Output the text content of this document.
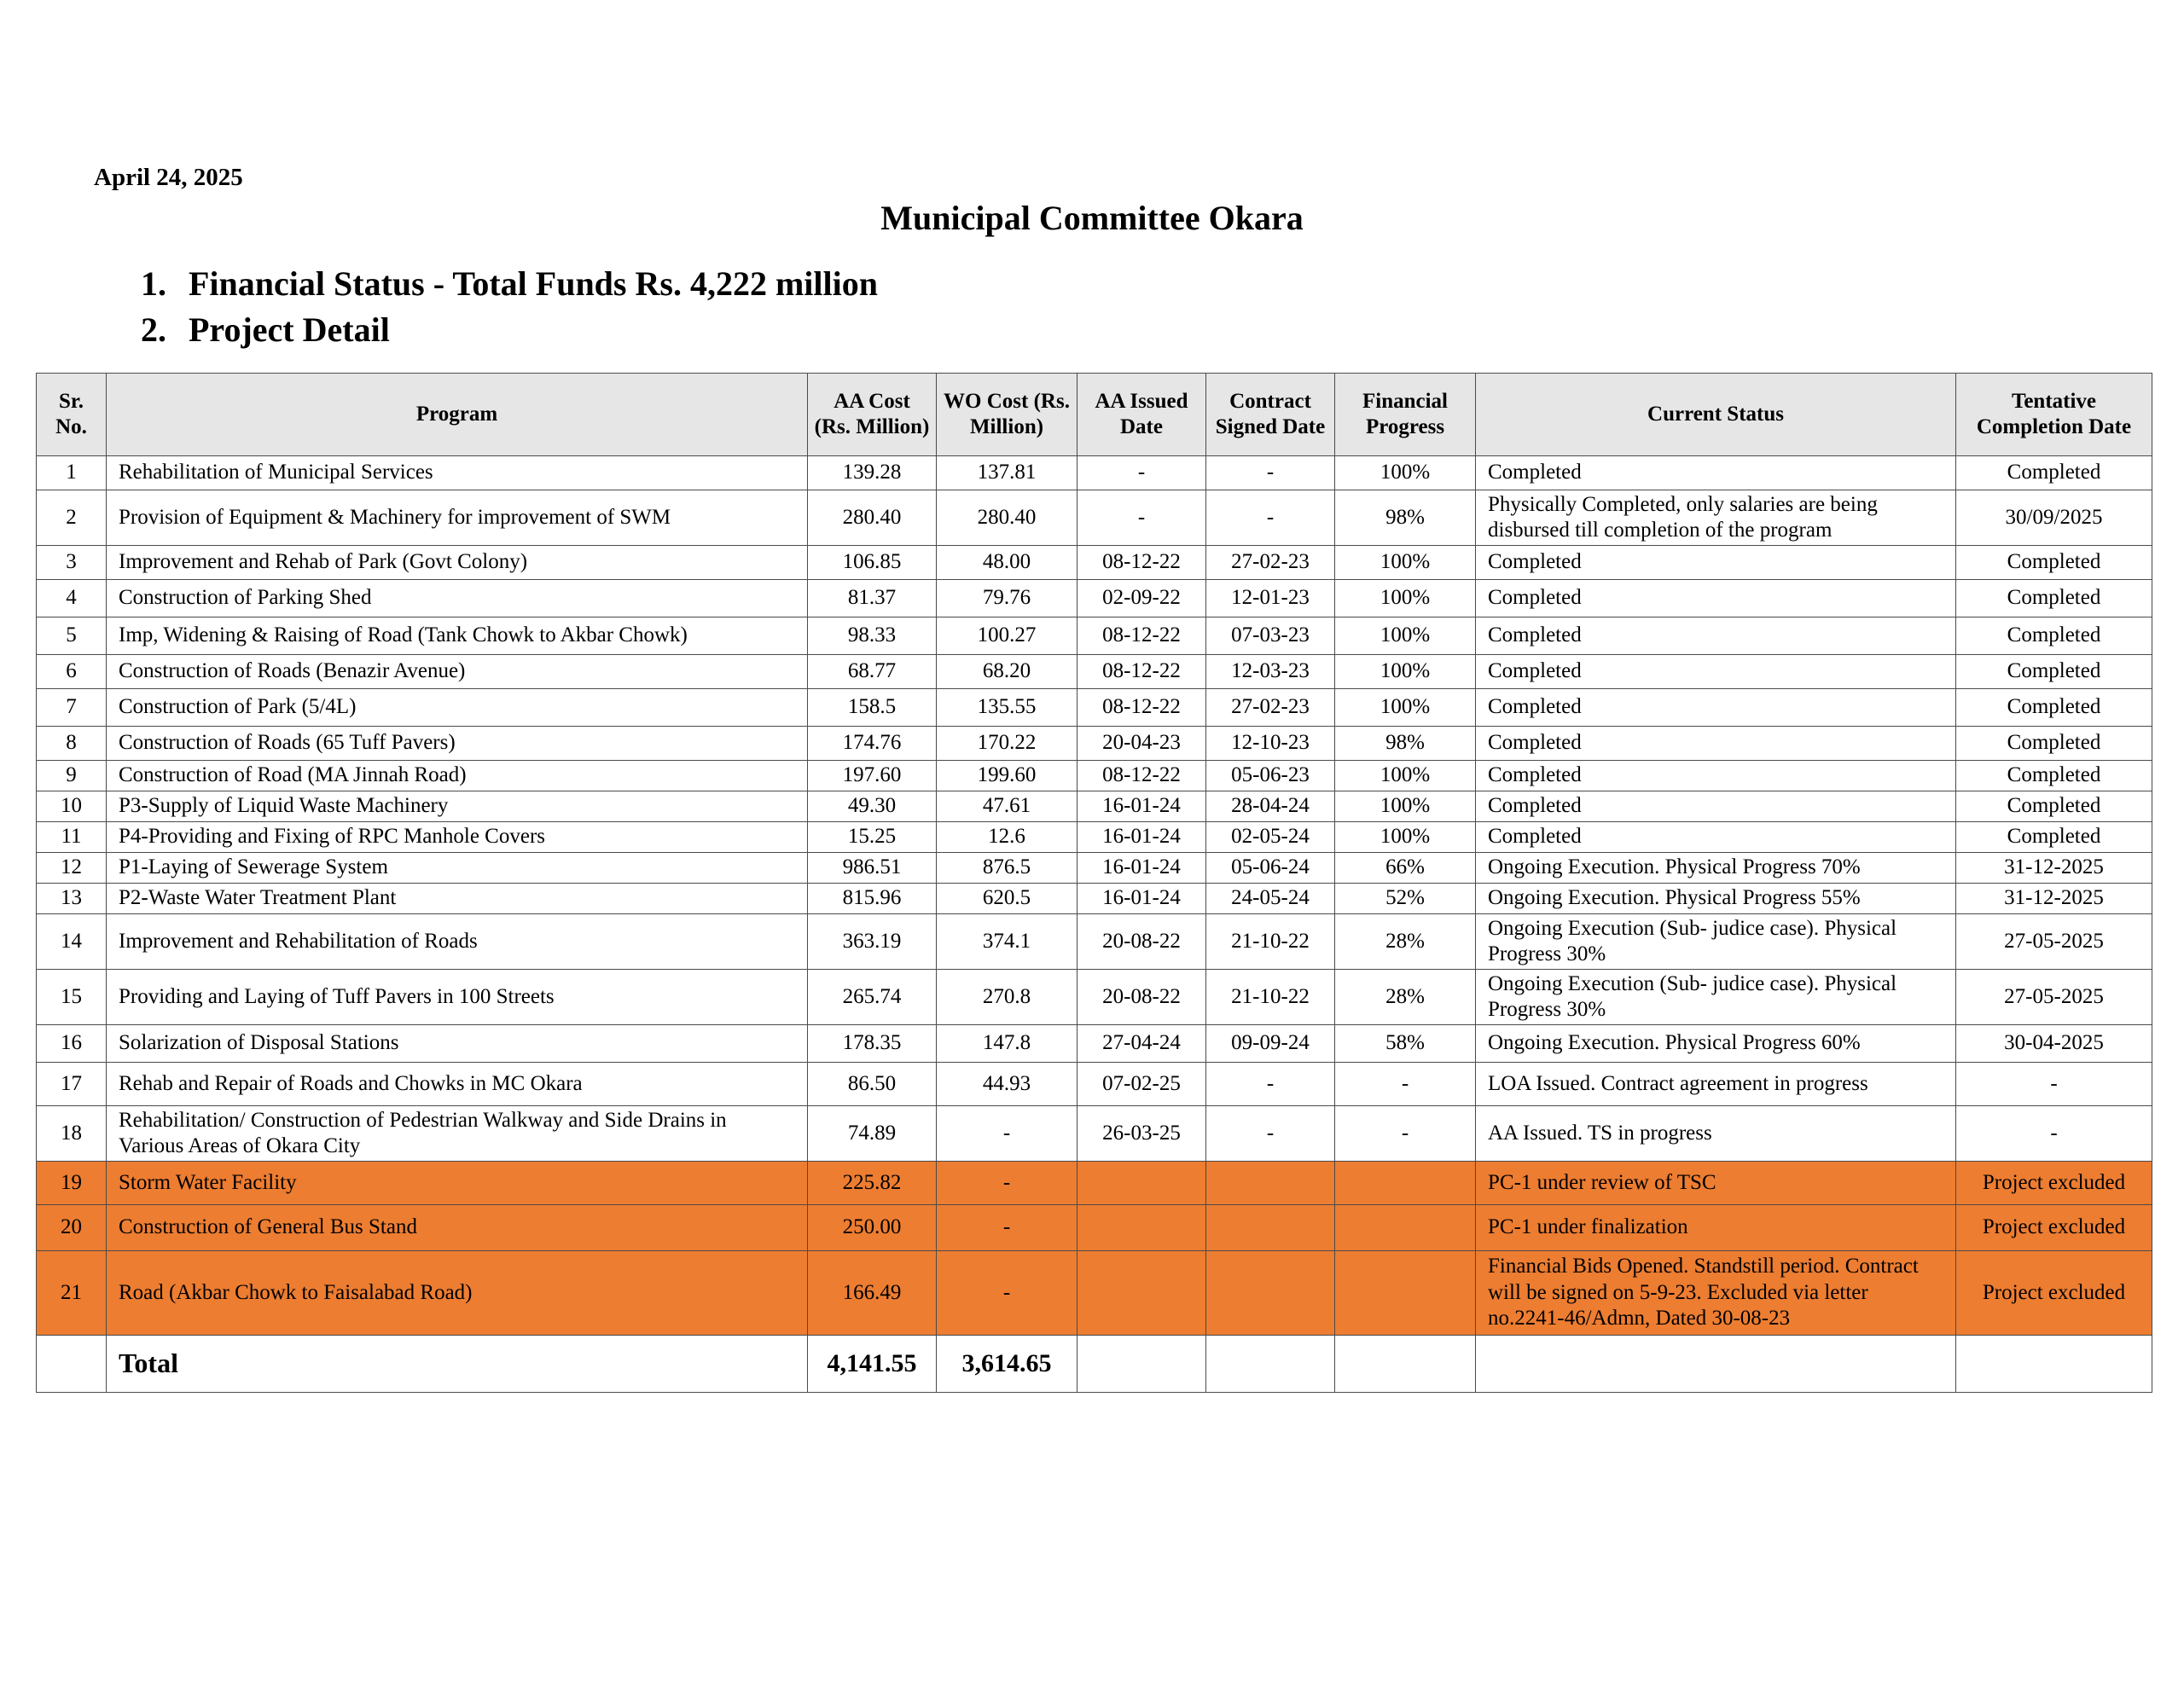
April 24, 2025
Municipal Committee Okara
1. Financial Status - Total Funds Rs. 4,222 million
2. Project Detail
Sr. No.	Program	AA Cost (Rs. Million)	WO Cost (Rs. Million)	AA Issued Date	Contract Signed Date	Financial Progress	Current Status	Tentative Completion Date
1	Rehabilitation of Municipal Services	139.28	137.81	-	-	100%	Completed	Completed
2	Provision of Equipment & Machinery for improvement of SWM	280.40	280.40	-	-	98%	Physically Completed, only salaries are being disbursed till completion of the program	30/09/2025
3	Improvement and Rehab of Park (Govt Colony)	106.85	48.00	08-12-22	27-02-23	100%	Completed	Completed
4	Construction of Parking Shed	81.37	79.76	02-09-22	12-01-23	100%	Completed	Completed
5	Imp, Widening & Raising of Road (Tank Chowk to Akbar Chowk)	98.33	100.27	08-12-22	07-03-23	100%	Completed	Completed
6	Construction of Roads (Benazir Avenue)	68.77	68.20	08-12-22	12-03-23	100%	Completed	Completed
7	Construction of Park (5/4L)	158.5	135.55	08-12-22	27-02-23	100%	Completed	Completed
8	Construction of Roads (65 Tuff Pavers)	174.76	170.22	20-04-23	12-10-23	98%	Completed	Completed
9	Construction of Road (MA Jinnah Road)	197.60	199.60	08-12-22	05-06-23	100%	Completed	Completed
10	P3-Supply of Liquid Waste Machinery	49.30	47.61	16-01-24	28-04-24	100%	Completed	Completed
11	P4-Providing and Fixing of RPC Manhole Covers	15.25	12.6	16-01-24	02-05-24	100%	Completed	Completed
12	P1-Laying of Sewerage System	986.51	876.5	16-01-24	05-06-24	66%	Ongoing Execution. Physical Progress 70%	31-12-2025
13	P2-Waste Water Treatment Plant	815.96	620.5	16-01-24	24-05-24	52%	Ongoing Execution. Physical Progress 55%	31-12-2025
14	Improvement and Rehabilitation of Roads	363.19	374.1	20-08-22	21-10-22	28%	Ongoing Execution (Sub- judice case). Physical Progress 30%	27-05-2025
15	Providing and Laying of Tuff Pavers in 100 Streets	265.74	270.8	20-08-22	21-10-22	28%	Ongoing Execution (Sub- judice case). Physical Progress 30%	27-05-2025
16	Solarization of Disposal Stations	178.35	147.8	27-04-24	09-09-24	58%	Ongoing Execution. Physical Progress 60%	30-04-2025
17	Rehab and Repair of Roads and Chowks in MC Okara	86.50	44.93	07-02-25	-	-	LOA Issued. Contract agreement in progress	-
18	Rehabilitation/ Construction of Pedestrian Walkway and Side Drains in Various Areas of Okara City	74.89	-	26-03-25	-	-	AA Issued. TS in progress	-
19	Storm Water Facility	225.82	-				PC-1 under review of TSC	Project excluded
20	Construction of General Bus Stand	250.00	-				PC-1 under finalization	Project excluded
21	Road (Akbar Chowk to Faisalabad Road)	166.49	-				Financial Bids Opened. Standstill period. Contract will be signed on 5-9-23. Excluded via letter no.2241-46/Admn, Dated 30-08-23	Project excluded
	Total	4,141.55	3,614.65					
